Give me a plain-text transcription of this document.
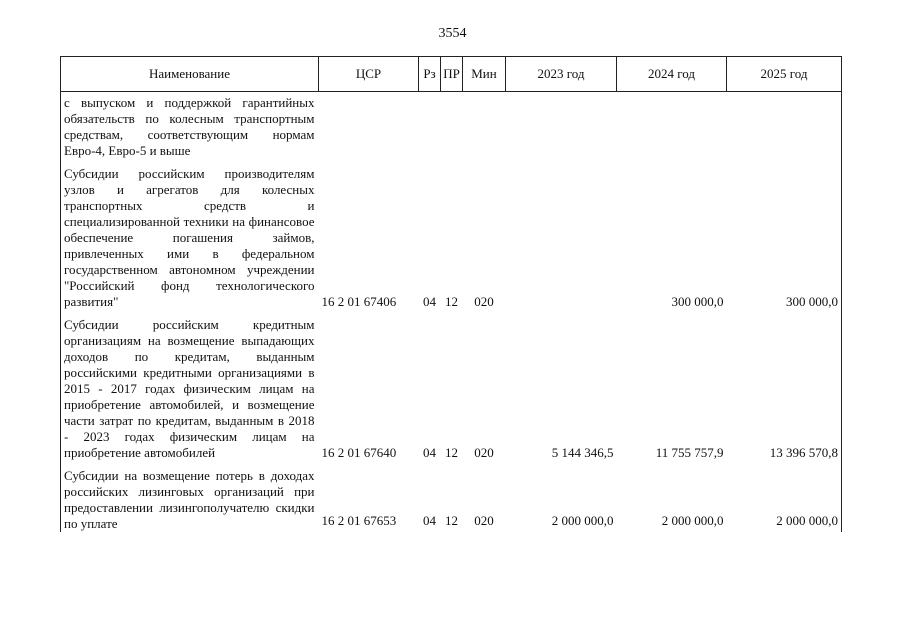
3554
Наименование	ЦСР	Рз	ПР	Мин	2023 год	2024 год	2025 год
с выпуском и поддержкой гарантийных обязательств по колесным транспортным средствам, соответствующим нормам Евро-4, Евро-5 и выше							
Субсидии российским производителям узлов и агрегатов для колесных транспортных средств и специализированной техники на финансовое обеспечение погашения займов, привлеченных ими в федеральном государственном автономном учреждении "Российский фонд технологического развития"	16 2 01 67406	04	12	020		300 000,0	300 000,0
Субсидии российским кредитным организациям на возмещение выпадающих доходов по кредитам, выданным российскими кредитными организациями в 2015 - 2017 годах физическим лицам на приобретение автомобилей, и возмещение части затрат по кредитам, выданным в 2018 - 2023 годах физическим лицам на приобретение автомобилей	16 2 01 67640	04	12	020	5 144 346,5	11 755 757,9	13 396 570,8
Субсидии на возмещение потерь в доходах российских лизинговых организаций при предоставлении лизингополучателю скидки по уплате	16 2 01 67653	04	12	020	2 000 000,0	2 000 000,0	2 000 000,0
